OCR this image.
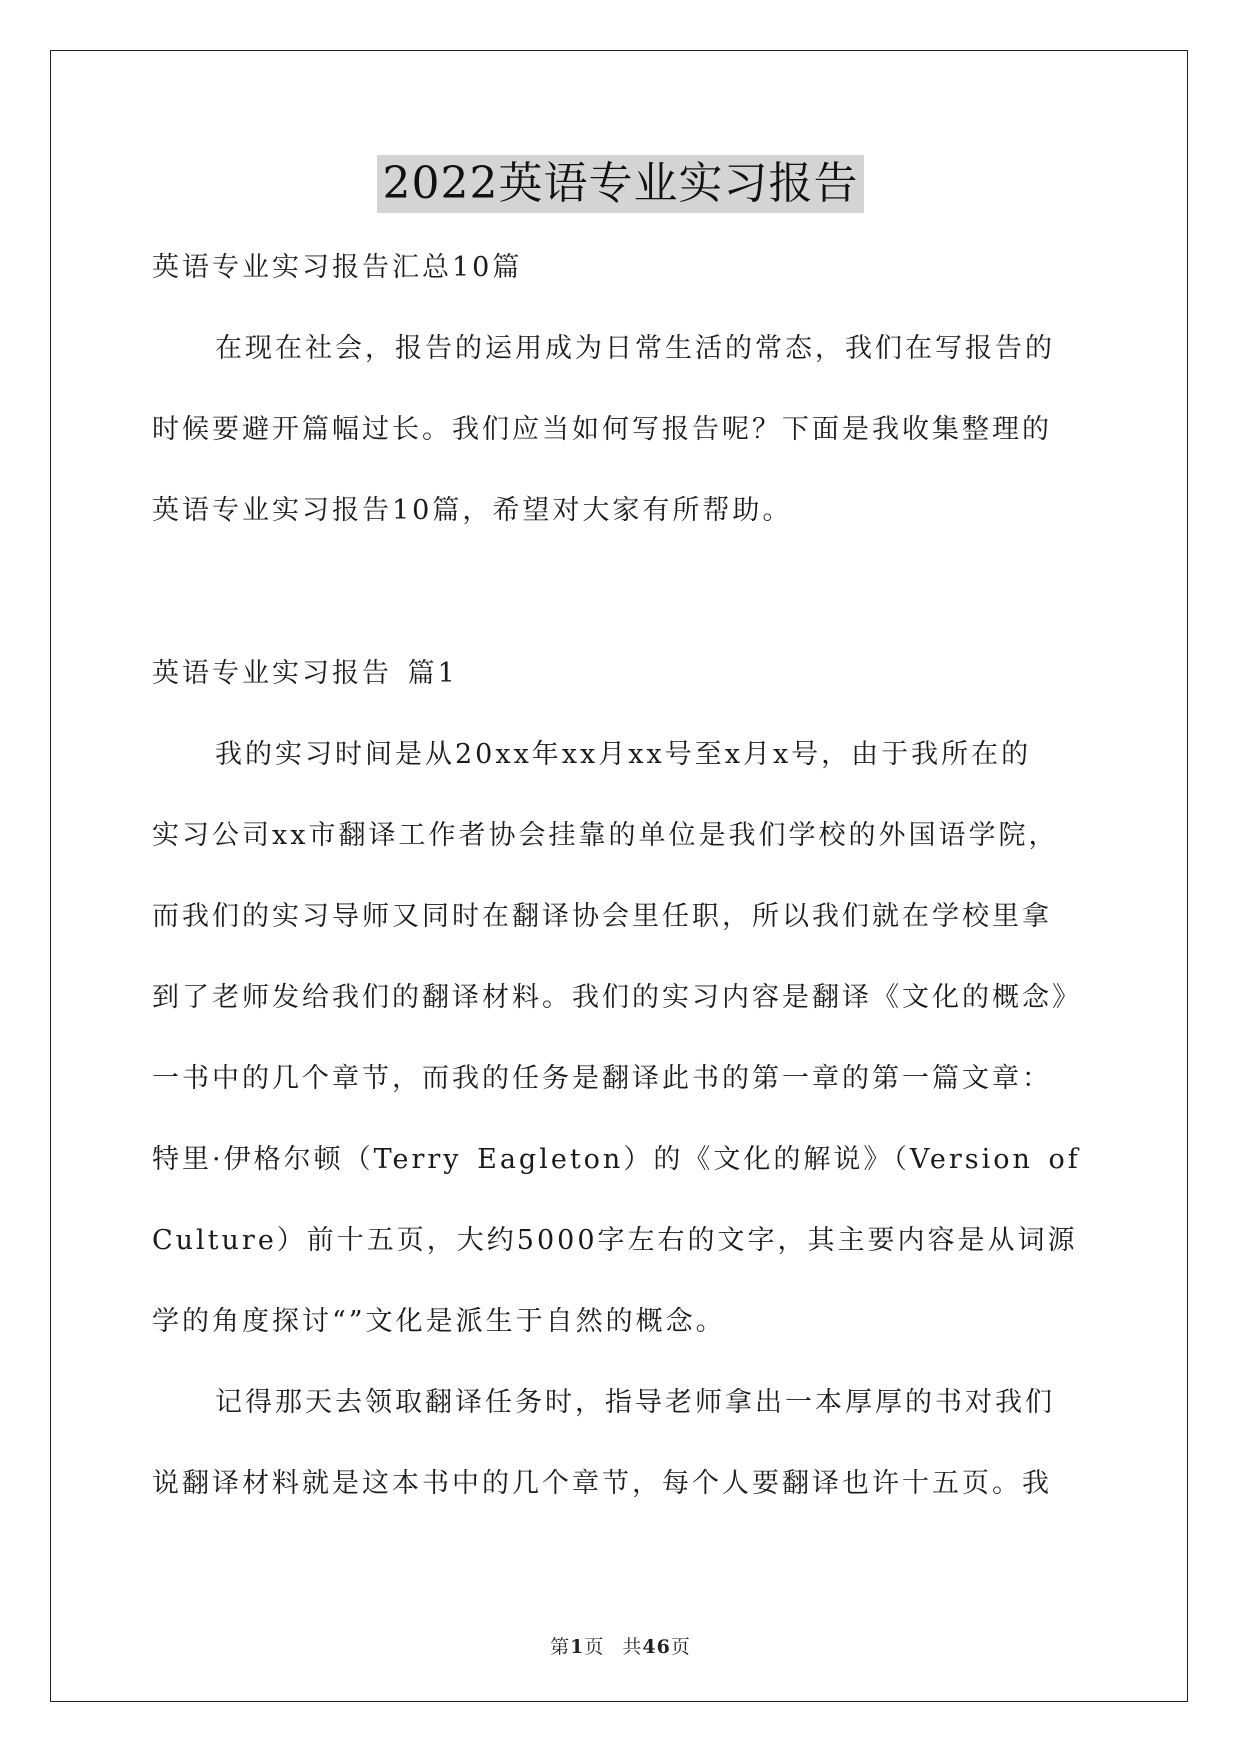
2022英语专业实习报告
英语专业实习报告汇总10篇
在现在社会，报告的运用成为日常生活的常态，我们在写报告的
时候要避开篇幅过长。我们应当如何写报告呢？下面是我收集整理的
英语专业实习报告10篇，希望对大家有所帮助。
英语专业实习报告 篇1
我的实习时间是从20xx年xx月xx号至x月x号，由于我所在的
实习公司xx市翻译工作者协会挂靠的单位是我们学校的外国语学院，
而我们的实习导师又同时在翻译协会里任职，所以我们就在学校里拿
到了老师发给我们的翻译材料。我们的实习内容是翻译《文化的概念》
一书中的几个章节，而我的任务是翻译此书的第一章的第一篇文章：
特里·伊格尔顿（Terry Eagleton）的《文化的解说》（Version of
Culture）前十五页，大约5000字左右的文字，其主要内容是从词源
学的角度探讨“”文化是派生于自然的概念。
记得那天去领取翻译任务时，指导老师拿出一本厚厚的书对我们
说翻译材料就是这本书中的几个章节，每个人要翻译也许十五页。我
第1页 共46页
